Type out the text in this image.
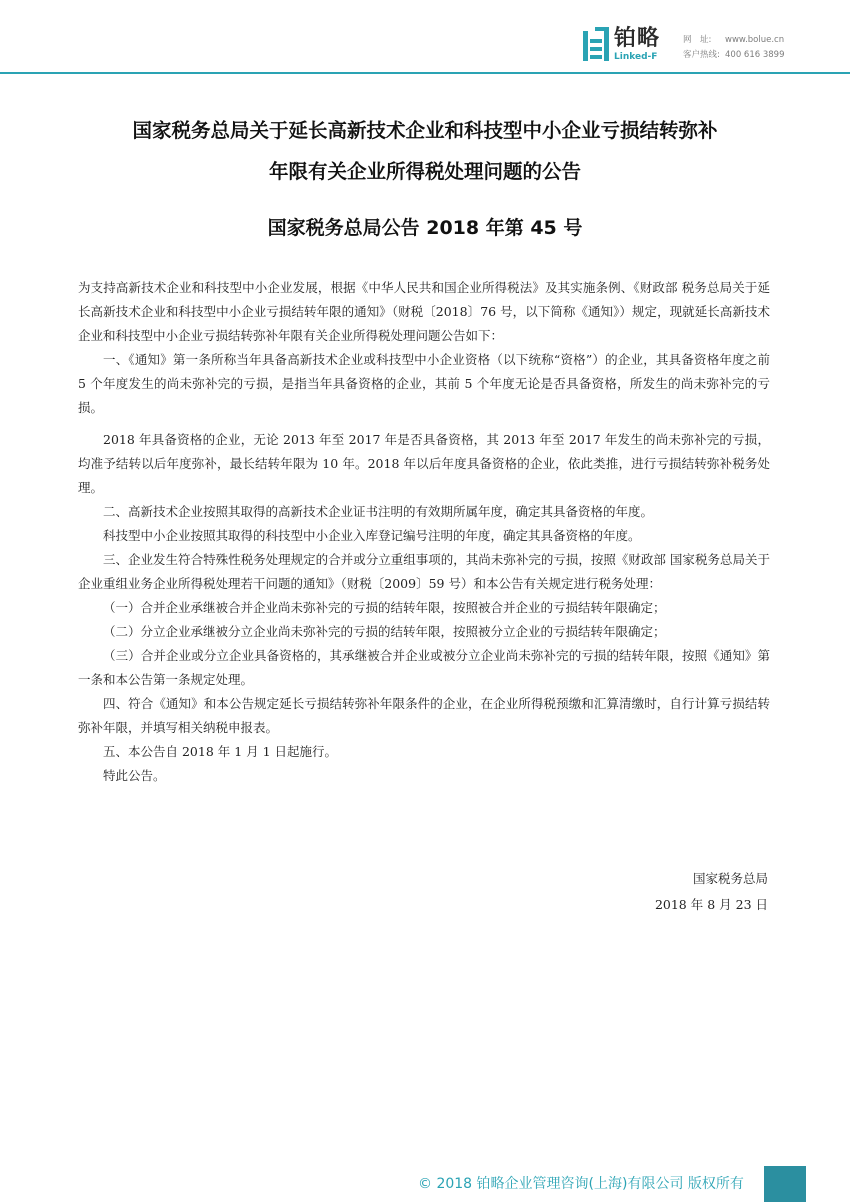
铂略
Linked-F
网　址: www.bolue.cn
客户热线: 400 616 3899
国家税务总局关于延长高新技术企业和科技型中小企业亏损结转弥补
年限有关企业所得税处理问题的公告
国家税务总局公告 2018 年第 45 号

为支持高新技术企业和科技型中小企业发展，根据《中华人民共和国企业所得税法》及其实施条例、《财政部 税务总局关于延长高新技术企业和科技型中小企业亏损结转年限的通知》（财税〔2018〕76 号，以下简称《通知》）规定，现就延长高新技术企业和科技型中小企业亏损结转弥补年限有关企业所得税处理问题公告如下：

一、《通知》第一条所称当年具备高新技术企业或科技型中小企业资格（以下统称“资格”）的企业，其具备资格年度之前 5 个年度发生的尚未弥补完的亏损，是指当年具备资格的企业，其前 5 个年度无论是否具备资格，所发生的尚未弥补完的亏损。

2018 年具备资格的企业，无论 2013 年至 2017 年是否具备资格，其 2013 年至 2017 年发生的尚未弥补完的亏损，均准予结转以后年度弥补，最长结转年限为 10 年。2018 年以后年度具备资格的企业，依此类推，进行亏损结转弥补税务处理。

二、高新技术企业按照其取得的高新技术企业证书注明的有效期所属年度，确定其具备资格的年度。

科技型中小企业按照其取得的科技型中小企业入库登记编号注明的年度，确定其具备资格的年度。

三、企业发生符合特殊性税务处理规定的合并或分立重组事项的，其尚未弥补完的亏损，按照《财政部 国家税务总局关于企业重组业务企业所得税处理若干问题的通知》（财税〔2009〕59 号）和本公告有关规定进行税务处理：

（一）合并企业承继被合并企业尚未弥补完的亏损的结转年限，按照被合并企业的亏损结转年限确定；

（二）分立企业承继被分立企业尚未弥补完的亏损的结转年限，按照被分立企业的亏损结转年限确定；

（三）合并企业或分立企业具备资格的，其承继被合并企业或被分立企业尚未弥补完的亏损的结转年限，按照《通知》第一条和本公告第一条规定处理。

四、符合《通知》和本公告规定延长亏损结转弥补年限条件的企业，在企业所得税预缴和汇算清缴时，自行计算亏损结转弥补年限，并填写相关纳税申报表。

五、本公告自 2018 年 1 月 1 日起施行。

特此公告。

国家税务总局
2018 年 8 月 23 日
© 2018 铂略企业管理咨询(上海)有限公司 版权所有
